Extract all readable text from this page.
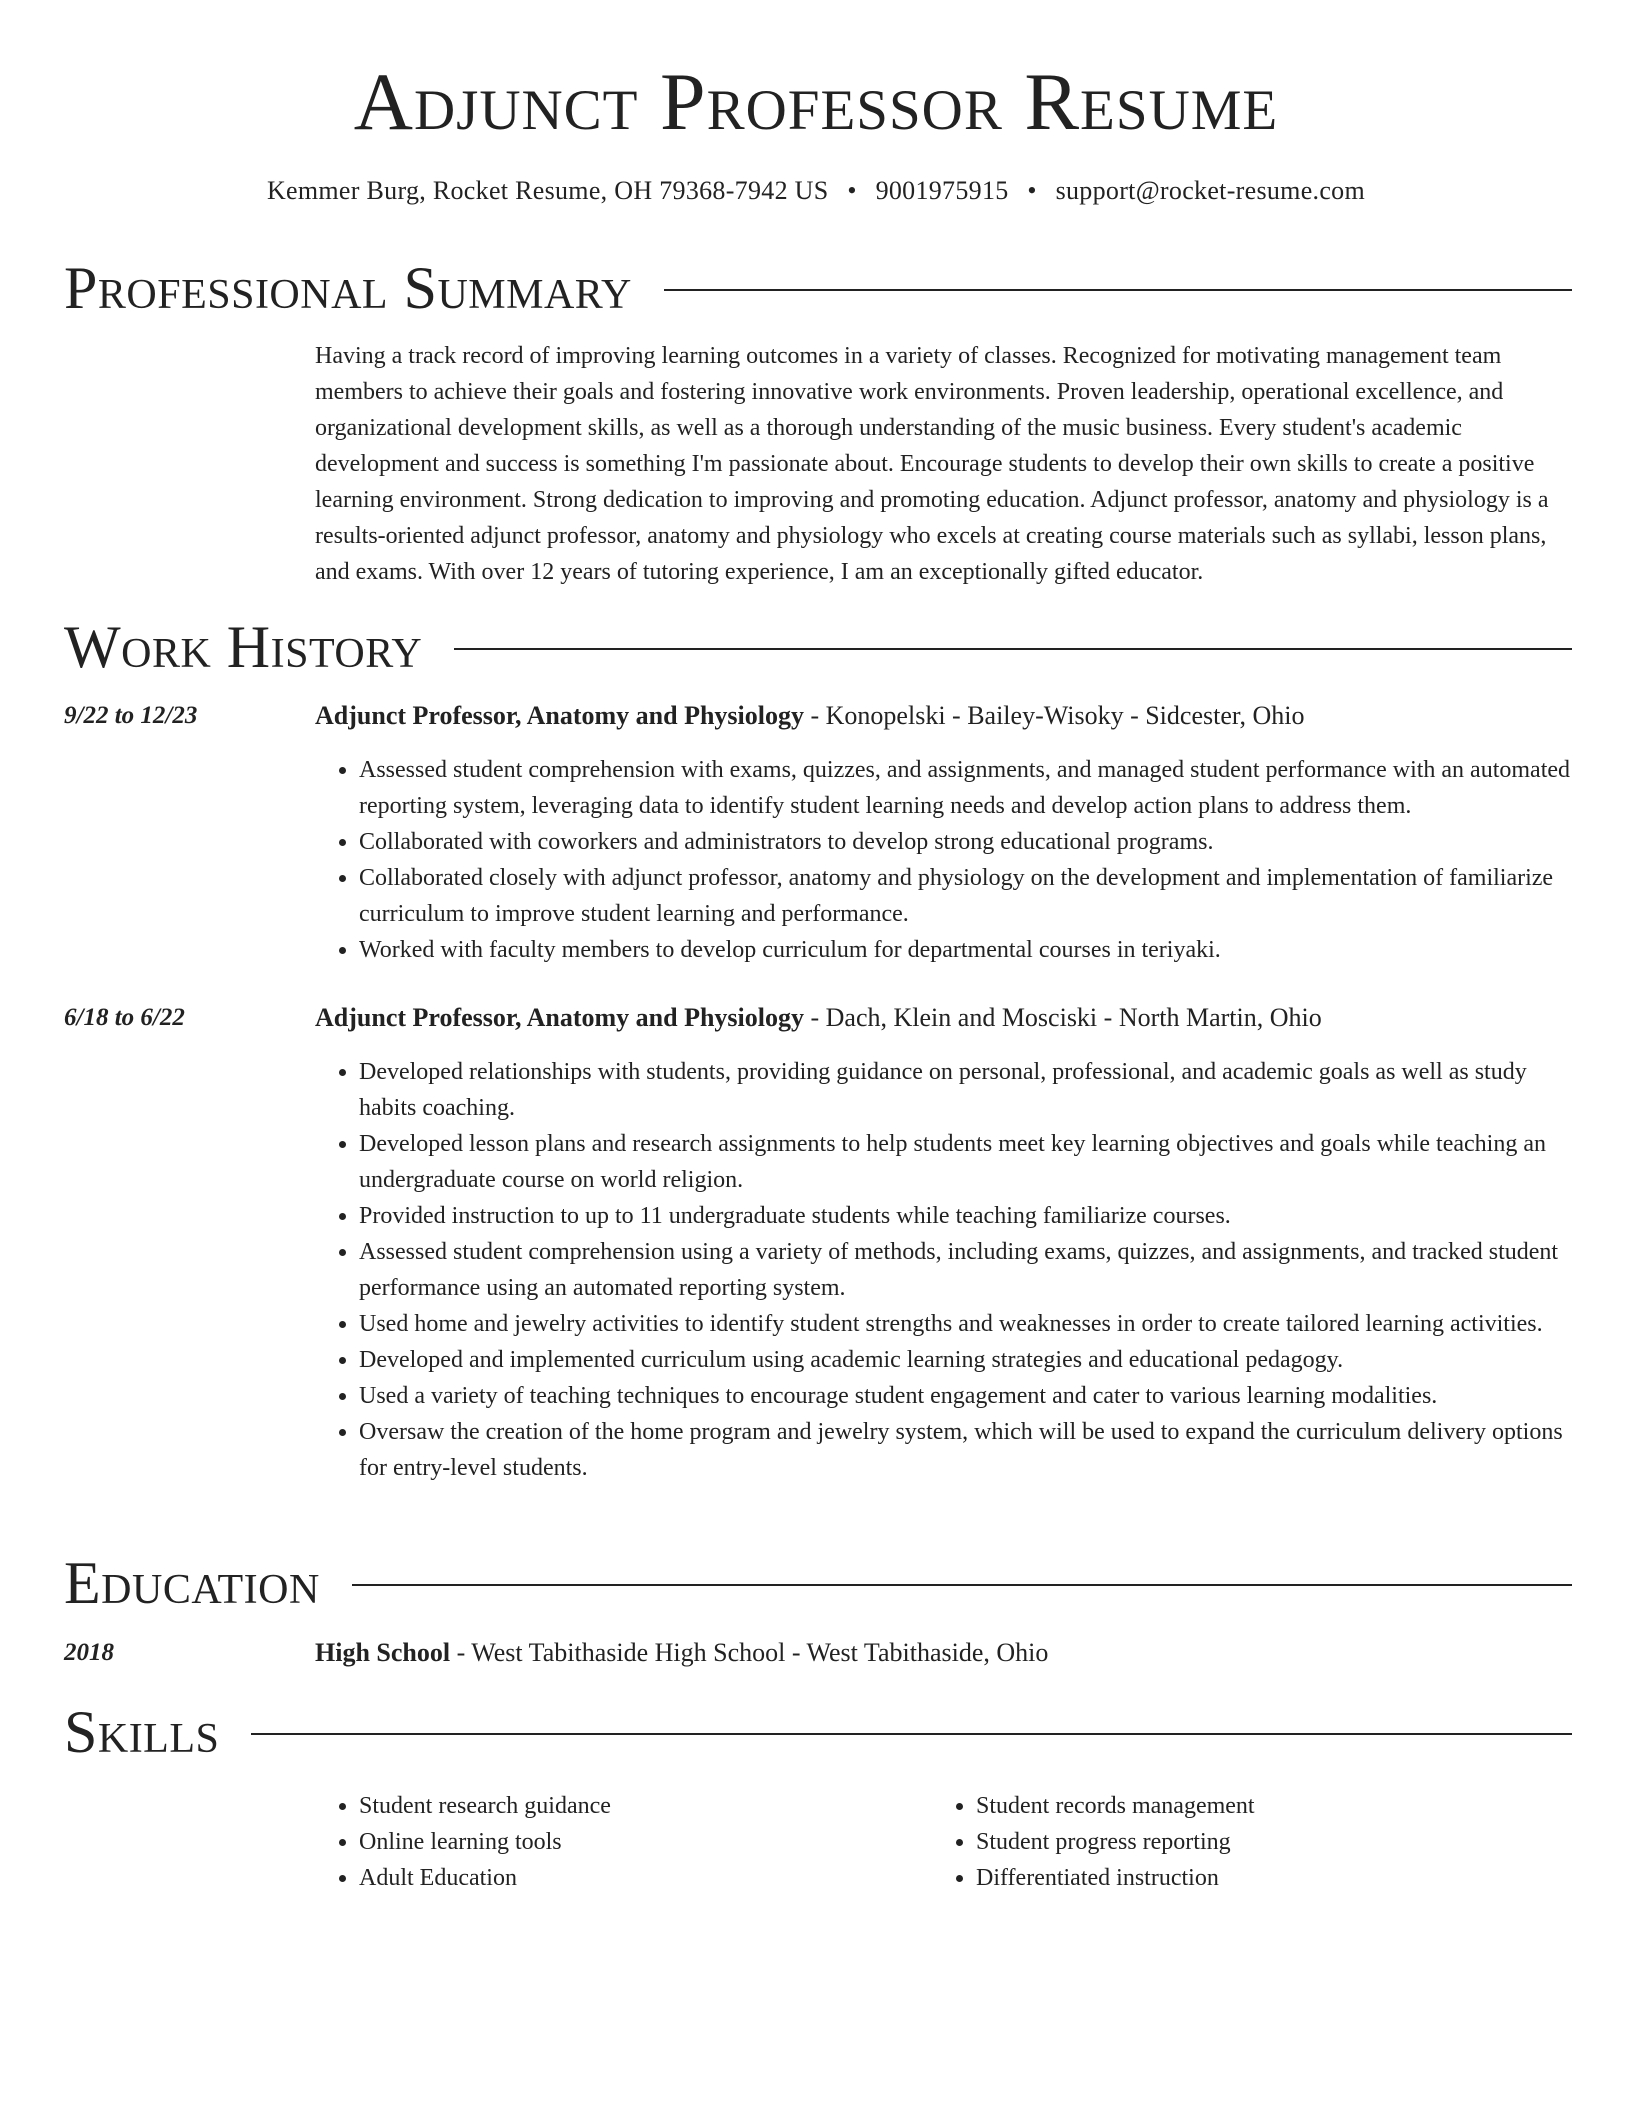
Adjunct Professor Resume
Kemmer Burg, Rocket Resume, OH 79368-7942 US • 9001975915 • support@rocket-resume.com
Professional Summary

Having a track record of improving learning outcomes in a variety of classes. Recognized for motivating management team members to achieve their goals and fostering innovative work environments. Proven leadership, operational excellence, and organizational development skills, as well as a thorough understanding of the music business. Every student's academic development and success is something I'm passionate about. Encourage students to develop their own skills to create a positive learning environment. Strong dedication to improving and promoting education. Adjunct professor, anatomy and physiology is a results-oriented adjunct professor, anatomy and physiology who excels at creating course materials such as syllabi, lesson plans, and exams. With over 12 years of tutoring experience, I am an exceptionally gifted educator.

Work History
9/22 to 12/23	Adjunct Professor, Anatomy and Physiology - Konopelski - Bailey-Wisoky - Sidcester, Ohio
• Assessed student comprehension with exams, quizzes, and assignments, and managed student performance with an automated reporting system, leveraging data to identify student learning needs and develop action plans to address them.
• Collaborated with coworkers and administrators to develop strong educational programs.
• Collaborated closely with adjunct professor, anatomy and physiology on the development and implementation of familiarize curriculum to improve student learning and performance.
• Worked with faculty members to develop curriculum for departmental courses in teriyaki.
6/18 to 6/22	Adjunct Professor, Anatomy and Physiology - Dach, Klein and Mosciski - North Martin, Ohio
• Developed relationships with students, providing guidance on personal, professional, and academic goals as well as study habits coaching.
• Developed lesson plans and research assignments to help students meet key learning objectives and goals while teaching an undergraduate course on world religion.
• Provided instruction to up to 11 undergraduate students while teaching familiarize courses.
• Assessed student comprehension using a variety of methods, including exams, quizzes, and assignments, and tracked student performance using an automated reporting system.
• Used home and jewelry activities to identify student strengths and weaknesses in order to create tailored learning activities.
• Developed and implemented curriculum using academic learning strategies and educational pedagogy.
• Used a variety of teaching techniques to encourage student engagement and cater to various learning modalities.
• Oversaw the creation of the home program and jewelry system, which will be used to expand the curriculum delivery options for entry-level students.
Education
2018	High School - West Tabithaside High School - West Tabithaside, Ohio
Skills
• Student research guidance
• Online learning tools
• Adult Education
• Student records management
• Student progress reporting
• Differentiated instruction
